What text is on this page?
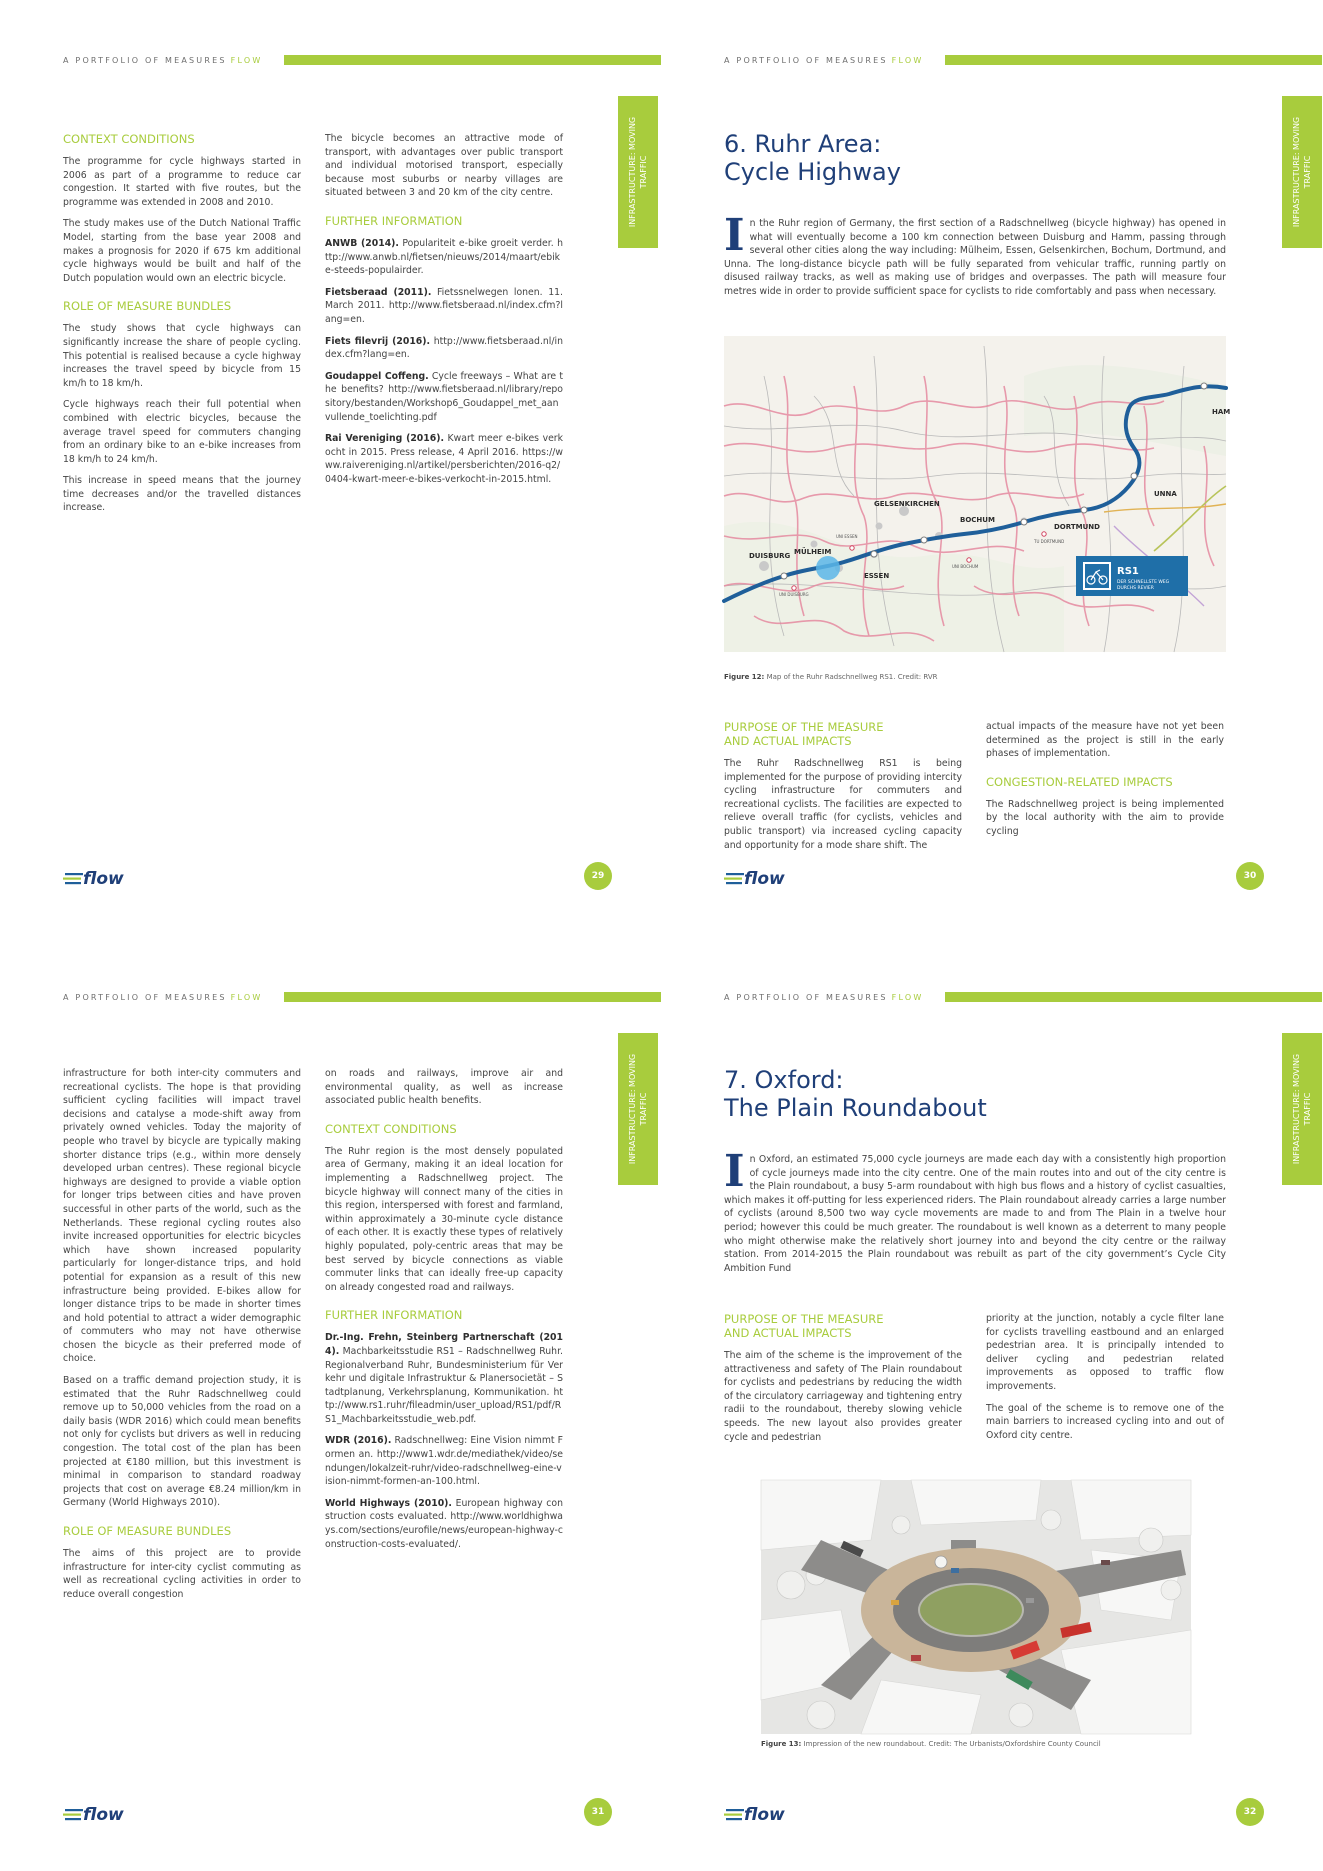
A PORTFOLIO OF MEASURES FLOW
INFRASTRUCTURE: MOVING TRAFFIC
CONTEXT CONDITIONS

The programme for cycle highways started in 2006 as part of a programme to reduce car congestion. It started with five routes, but the programme was extended in 2008 and 2010.

The study makes use of the Dutch National Traffic Model, starting from the base year 2008 and makes a prognosis for 2020 if 675 km additional cycle highways would be built and half of the Dutch population would own an electric bicycle.

ROLE OF MEASURE BUNDLES

The study shows that cycle highways can significantly increase the share of people cycling. This potential is realised because a cycle highway increases the travel speed by bicycle from 15 km/h to 18 km/h.

Cycle highways reach their full potential when combined with electric bicycles, because the average travel speed for commuters changing from an ordinary bike to an e-bike increases from 18 km/h to 24 km/h.

This increase in speed means that the journey time decreases and/or the travelled distances increase.

The bicycle becomes an attractive mode of transport, with advantages over public transport and individual motorised transport, especially because most suburbs or nearby villages are situated between 3 and 20 km of the city centre.

FURTHER INFORMATION

ANWB (2014). Populariteit e-bike groeit verder. http://www.anwb.nl/fietsen/nieuws/2014/maart/ebike-steeds-populairder.

Fietsberaad (2011). Fietssnelwegen lonen. 11. March 2011. http://www.fietsberaad.nl/index.cfm?lang=en.

Fiets filevrij (2016). http://www.fietsberaad.nl/index.cfm?lang=en.

Goudappel Coffeng. Cycle freeways – What are the benefits? http://www.fietsberaad.nl/library/repository/bestanden/Workshop6_Goudappel_met_aanvullende_toelichting.pdf

Rai Vereniging (2016). Kwart meer e-bikes verkocht in 2015. Press release, 4 April 2016. https://www.raivereniging.nl/artikel/persberichten/2016-q2/0404-kwart-meer-e-bikes-verkocht-in-2015.html.

flow	29
A PORTFOLIO OF MEASURES FLOW
INFRASTRUCTURE: MOVING TRAFFIC
6. Ruhr Area:
Cycle Highway
In the Ruhr region of Germany, the first section of a Radschnellweg (bicycle highway) has opened in what will eventually become a 100 km connection between Duisburg and Hamm, passing through several other cities along the way including: Mülheim, Essen, Gelsenkirchen, Bochum, Dortmund, and Unna. The long-distance bicycle path will be fully separated from vehicular traffic, running partly on disused railway tracks, as well as making use of bridges and overpasses. The path will measure four metres wide in order to provide sufficient space for cyclists to ride comfortably and pass when necessary.
HAM
UNNA
DORTMUND
BOCHUM
GELSENKIRCHEN
ESSEN
MÜLHEIM
DUISBURG
UNI BOCHUM
TU DORTMUND
UNI DUISBURG
UNI ESSEN
RS1
DER SCHNELLSTE WEG
DURCHS REVIER
Figure 12: Map of the Ruhr Radschnellweg RS1. Credit: RVR
PURPOSE OF THE MEASURE
AND ACTUAL IMPACTS

The Ruhr Radschnellweg RS1 is being implemented for the purpose of providing intercity cycling infrastructure for commuters and recreational cyclists. The facilities are expected to relieve overall traffic (for cyclists, vehicles and public transport) via increased cycling capacity and opportunity for a mode share shift. The

actual impacts of the measure have not yet been determined as the project is still in the early phases of implementation.

CONGESTION-RELATED IMPACTS

The Radschnellweg project is being implemented by the local authority with the aim to provide cycling

flow	30
A PORTFOLIO OF MEASURES FLOW
INFRASTRUCTURE: MOVING TRAFFIC

infrastructure for both inter-city commuters and recreational cyclists. The hope is that providing sufficient cycling facilities will impact travel decisions and catalyse a mode-shift away from privately owned vehicles. Today the majority of people who travel by bicycle are typically making shorter distance trips (e.g., within more densely developed urban centres). These regional bicycle highways are designed to provide a viable option for longer trips between cities and have proven successful in other parts of the world, such as the Netherlands. These regional cycling routes also invite increased opportunities for electric bicycles which have shown increased popularity particularly for longer-distance trips, and hold potential for expansion as a result of this new infrastructure being provided. E-bikes allow for longer distance trips to be made in shorter times and hold potential to attract a wider demographic of commuters who may not have otherwise chosen the bicycle as their preferred mode of choice.

Based on a traffic demand projection study, it is estimated that the Ruhr Radschnellweg could remove up to 50,000 vehicles from the road on a daily basis (WDR 2016) which could mean benefits not only for cyclists but drivers as well in reducing congestion. The total cost of the plan has been projected at €180 million, but this investment is minimal in comparison to standard roadway projects that cost on average €8.24 million/km in Germany (World Highways 2010).

ROLE OF MEASURE BUNDLES

The aims of this project are to provide infrastructure for inter-city cyclist commuting as well as recreational cycling activities in order to reduce overall congestion

on roads and railways, improve air and environmental quality, as well as increase associated public health benefits.

CONTEXT CONDITIONS

The Ruhr region is the most densely populated area of Germany, making it an ideal location for implementing a Radschnellweg project. The bicycle highway will connect many of the cities in this region, interspersed with forest and farmland, within approximately a 30-minute cycle distance of each other. It is exactly these types of relatively highly populated, poly-centric areas that may be best served by bicycle connections as viable commuter links that can ideally free-up capacity on already congested road and railways.

FURTHER INFORMATION

Dr.-Ing. Frehn, Steinberg Partnerschaft (2014). Machbarkeitsstudie RS1 – Radschnellweg Ruhr. Regionalverband Ruhr, Bundesministerium für Verkehr und digitale Infrastruktur & Planersocietät – Stadtplanung, Verkehrsplanung, Kommunikation. http://www.rs1.ruhr/fileadmin/user_upload/RS1/pdf/RS1_Machbarkeitsstudie_web.pdf.

WDR (2016). Radschnellweg: Eine Vision nimmt Formen an. http://www1.wdr.de/mediathek/video/sendungen/lokalzeit-ruhr/video-radschnellweg-eine-vision-nimmt-formen-an-100.html.

World Highways (2010). European highway construction costs evaluated. http://www.worldhighways.com/sections/eurofile/news/european-highway-construction-costs-evaluated/.

flow	31
A PORTFOLIO OF MEASURES FLOW
INFRASTRUCTURE: MOVING TRAFFIC
7. Oxford:
The Plain Roundabout
In Oxford, an estimated 75,000 cycle journeys are made each day with a consistently high proportion of cycle journeys made into the city centre. One of the main routes into and out of the city centre is the Plain roundabout, a busy 5-arm roundabout with high bus flows and a history of cyclist casualties, which makes it off-putting for less experienced riders. The Plain roundabout already carries a large number of cyclists (around 8,500 two way cycle movements are made to and from The Plain in a twelve hour period; however this could be much greater. The roundabout is well known as a deterrent to many people who might otherwise make the relatively short journey into and beyond the city centre or the railway station. From 2014-2015 the Plain roundabout was rebuilt as part of the city government’s Cycle City Ambition Fund
PURPOSE OF THE MEASURE
AND ACTUAL IMPACTS

The aim of the scheme is the improvement of the attractiveness and safety of The Plain roundabout for cyclists and pedestrians by reducing the width of the circulatory carriageway and tightening entry radii to the roundabout, thereby slowing vehicle speeds. The new layout also provides greater cycle and pedestrian

priority at the junction, notably a cycle filter lane for cyclists travelling eastbound and an enlarged pedestrian area. It is principally intended to deliver cycling and pedestrian related improvements as opposed to traffic flow improvements.

The goal of the scheme is to remove one of the main barriers to increased cycling into and out of Oxford city centre.

Figure 13: Impression of the new roundabout. Credit: The Urbanists/Oxfordshire County Council
flow	32
